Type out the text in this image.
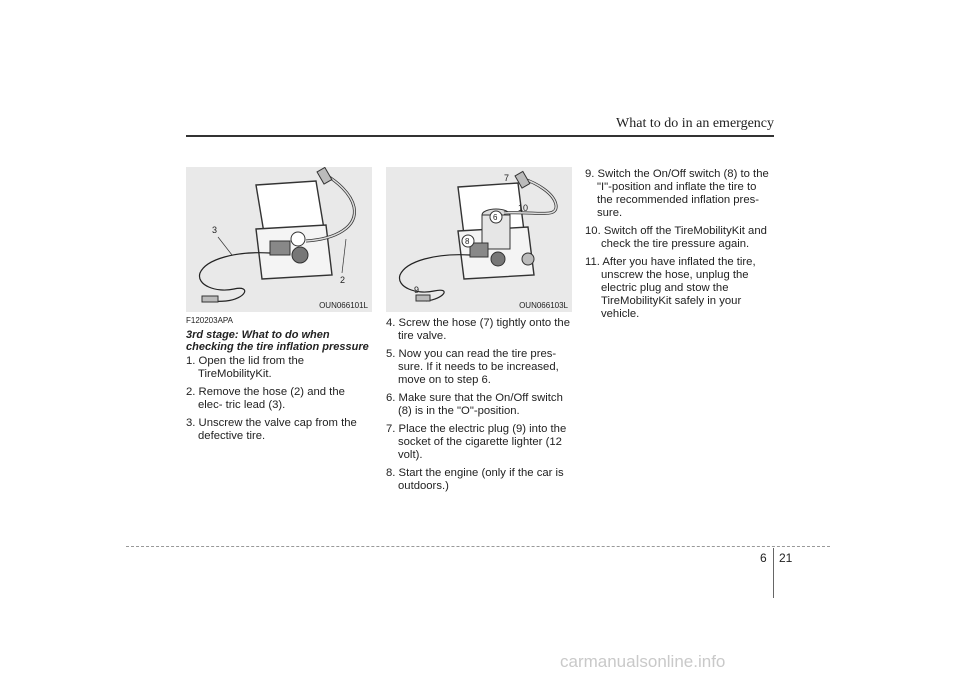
What to do in an emergency
3
2
OUN066101L
7
10
6
8
9
OUN066103L
F120203APA
3rd stage: What to do when checking the tire inflation pressure
1. Open the lid from the TireMobilityKit.
2. Remove the hose (2) and the elec- tric lead (3).
3. Unscrew the valve cap from the defective tire.
4. Screw the hose (7) tightly onto the tire valve.
5. Now you can read the tire pres- sure. If it needs to be increased, move on to step 6.
6. Make sure that the On/Off switch (8) is in the "O"-position.
7. Place the electric plug (9) into the socket of the cigarette lighter (12 volt).
8. Start the engine (only if the car is outdoors.)
9. Switch the On/Off switch (8) to the "I"-position and inflate the tire to the recommended inflation pres- sure.
10. Switch off the TireMobilityKit and check the tire pressure again.
11. After you have inflated the tire, unscrew the hose, unplug the electric plug and stow the TireMobilityKit safely in your vehicle.
6 21
carmanualsonline.info
